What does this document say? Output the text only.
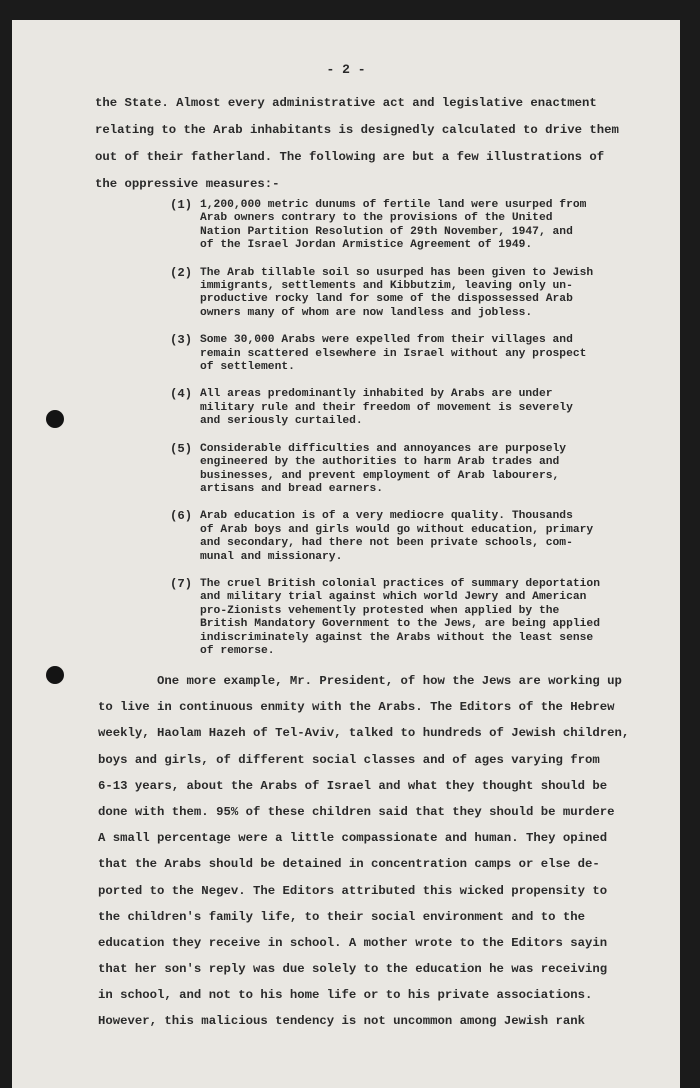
- 2 -
the State. Almost every administrative act and legislative enactment
relating to the Arab inhabitants is designedly calculated to drive them
out of their fatherland. The following are but a few illustrations of
the oppressive measures:-
(1) 1,200,000 metric dunums of fertile land were usurped from
Arab owners contrary to the provisions of the United
Nation Partition Resolution of 29th November, 1947, and
of the Israel Jordan Armistice Agreement of 1949.
(2) The Arab tillable soil so usurped has been given to Jewish
immigrants, settlements and Kibbutzim, leaving only un-
productive rocky land for some of the dispossessed Arab
owners many of whom are now landless and jobless.
(3) Some 30,000 Arabs were expelled from their villages and
remain scattered elsewhere in Israel without any prospect
of settlement.
(4) All areas predominantly inhabited by Arabs are under
military rule and their freedom of movement is severely
and seriously curtailed.
(5) Considerable difficulties and annoyances are purposely
engineered by the authorities to harm Arab trades and
businesses, and prevent employment of Arab labourers,
artisans and bread earners.
(6) Arab education is of a very mediocre quality. Thousands
of Arab boys and girls would go without education, primary
and secondary, had there not been private schools, com-
munal and missionary.
(7) The cruel British colonial practices of summary deportation
and military trial against which world Jewry and American
pro-Zionists vehemently protested when applied by the
British Mandatory Government to the Jews, are being applied
indiscriminately against the Arabs without the least sense
of remorse.
One more example, Mr. President, of how the Jews are working up
to live in continuous enmity with the Arabs. The Editors of the Hebrew
weekly, Haolam Hazeh of Tel-Aviv, talked to hundreds of Jewish children,
boys and girls, of different social classes and of ages varying from
6-13 years, about the Arabs of Israel and what they thought should be
done with them. 95% of these children said that they should be murdere
A small percentage were a little compassionate and human. They opined
that the Arabs should be detained in concentration camps or else de-
ported to the Negev. The Editors attributed this wicked propensity to
the children's family life, to their social environment and to the
education they receive in school. A mother wrote to the Editors sayin
that her son's reply was due solely to the education he was receiving
in school, and not to his home life or to his private associations.
However, this malicious tendency is not uncommon among Jewish rank
